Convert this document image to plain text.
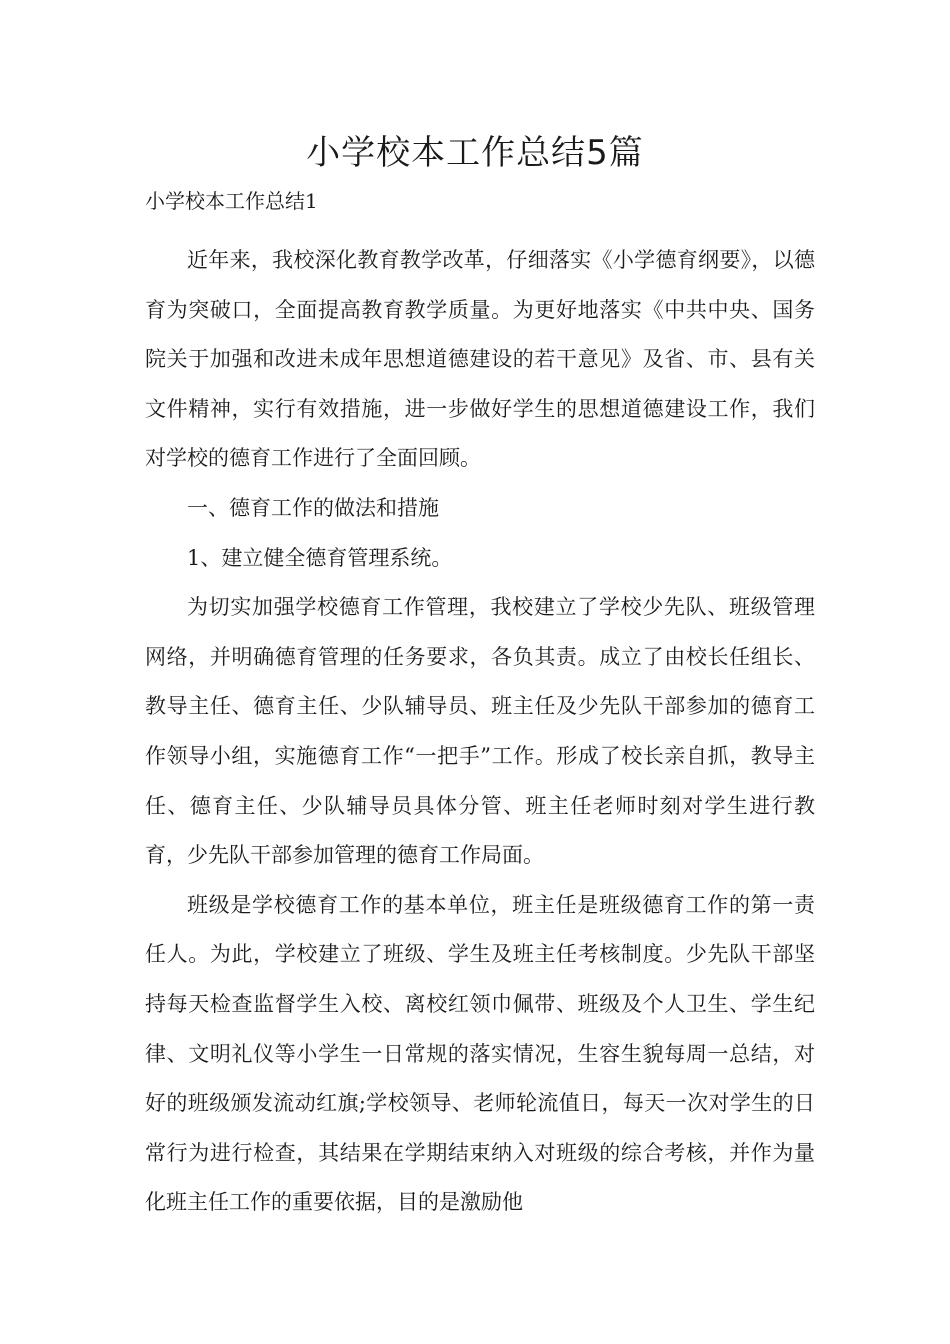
小学校本工作总结5篇

小学校本工作总结1

近年来，我校深化教育教学改革，仔细落实《小学德育纲要》，以德育为突破口，全面提高教育教学质量。为更好地落实《中共中央、国务院关于加强和改进未成年思想道德建设的若干意见》及省、市、县有关文件精神，实行有效措施，进一步做好学生的思想道德建设工作，我们对学校的德育工作进行了全面回顾。

一、德育工作的做法和措施

1、建立健全德育管理系统。

为切实加强学校德育工作管理，我校建立了学校少先队、班级管理网络，并明确德育管理的任务要求，各负其责。成立了由校长任组长、教导主任、德育主任、少队辅导员、班主任及少先队干部参加的德育工作领导小组，实施德育工作“一把手”工作。形成了校长亲自抓，教导主任、德育主任、少队辅导员具体分管、班主任老师时刻对学生进行教育，少先队干部参加管理的德育工作局面。

班级是学校德育工作的基本单位，班主任是班级德育工作的第一责任人。为此，学校建立了班级、学生及班主任考核制度。少先队干部坚持每天检查监督学生入校、离校红领巾佩带、班级及个人卫生、学生纪律、文明礼仪等小学生一日常规的落实情况，生容生貌每周一总结，对好的班级颁发流动红旗;学校领导、老师轮流值日，每天一次对学生的日常行为进行检查，其结果在学期结束纳入对班级的综合考核，并作为量化班主任工作的重要依据，目的是激励他
